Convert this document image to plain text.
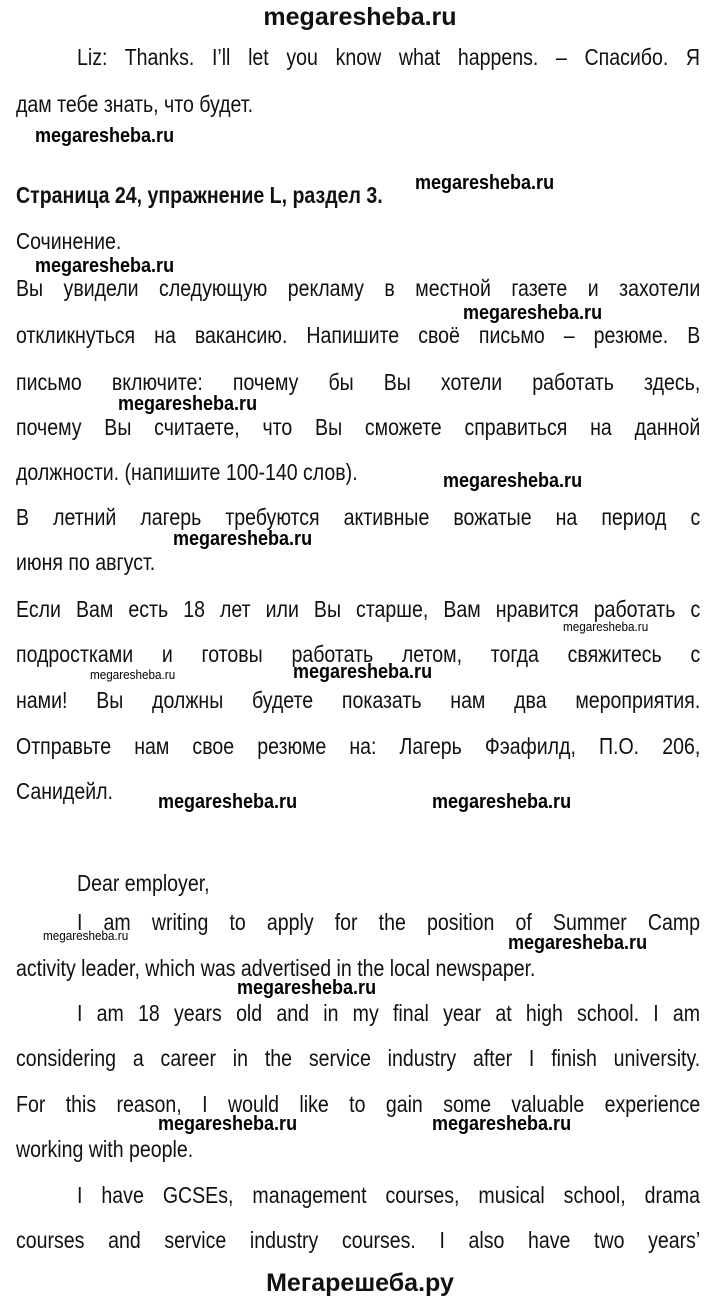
megaresheba.ru
Liz: Thanks. I’ll let you know what happens. – Спасибо. Я
дам тебе знать, что будет.
megaresheba.ru
Страница 24, упражнение L, раздел 3.	megaresheba.ru
Сочинение.
megaresheba.ru
Вы увидели следующую рекламу в местной газете и захотели
megaresheba.ru
откликнуться на вакансию. Напишите своё письмо – резюме. В
письмо включите: почему бы Вы хотели работать здесь,
megaresheba.ru
почему Вы считаете, что Вы сможете справиться на данной
должности. (напишите 100-140 слов).	megaresheba.ru
В летний лагерь требуются активные вожатые на период с
megaresheba.ru
июня по август.
Если Вам есть 18 лет или Вы старше, Вам нравится работать с
megaresheba.ru
подростками и готовы работать летом, тогда свяжитесь с
megaresheba.ru	megaresheba.ru
нами! Вы должны будете показать нам два мероприятия.
Отправьте нам свое резюме на: Лагерь Фэафилд, П.О. 206,
Санидейл.	megaresheba.ru	megaresheba.ru
Dear employer,
I am writing to apply for the position of Summer Camp
megaresheba.ru	megaresheba.ru
activity leader, which was advertised in the local newspaper.
megaresheba.ru
I am 18 years old and in my final year at high school. I am
considering a career in the service industry after I finish university.
For this reason, I would like to gain some valuable experience
megaresheba.ru	megaresheba.ru
working with people.
I have GCSEs, management courses, musical school, drama
courses and service industry courses. I also have two years’
Мегарешеба.ру
